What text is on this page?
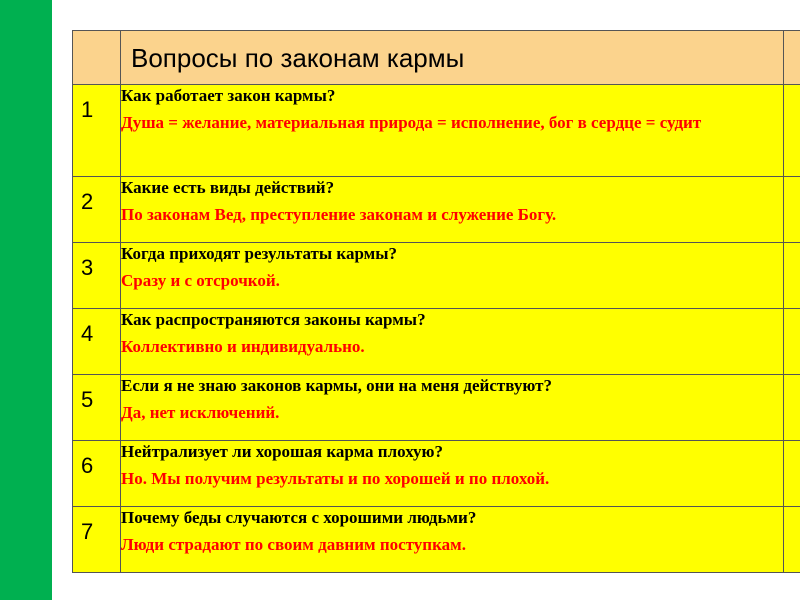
	Вопросы по законам кармы	

1	Как работает закон кармы?
Душа = желание, материальная природа = исполнение, бог в сердце = судит	

2	Какие есть виды действий?
По законам Вед, преступление законам и служение Богу.	

3	Когда приходят результаты кармы?
Сразу и с отсрочкой.	

4	Как распространяются законы кармы?
Коллективно и индивидуально.	

5	Если я не знаю законов кармы, они на меня действуют?
Да, нет исключений.	

6	Нейтрализует ли хорошая карма плохую?
Но. Мы получим результаты и по хорошей и по плохой.	

7	Почему беды случаются с хорошими людьми?
Люди страдают по своим давним поступкам.	
